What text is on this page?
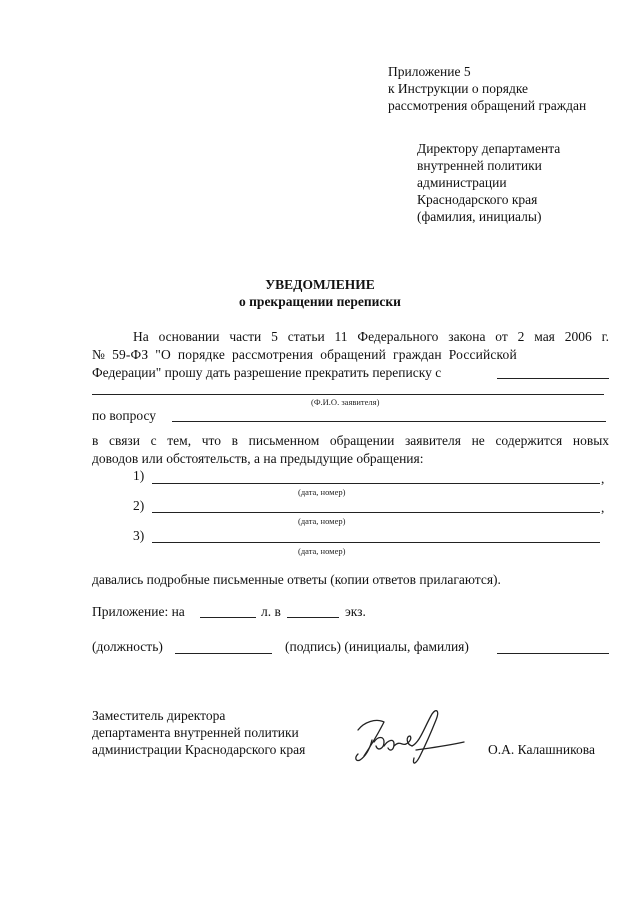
Приложение 5
к Инструкции о порядке
рассмотрения обращений граждан
Директору департамента
внутренней политики
администрации
Краснодарского края
(фамилия, инициалы)
УВЕДОМЛЕНИЕ
о прекращении переписки
На основании части 5 статьи 11 Федерального закона от 2 мая 2006 г.
№  59-ФЗ  "О  порядке  рассмотрения  обращений  граждан  Российской
Федерации" прошу дать разрешение прекратить переписку с
(Ф.И.О. заявителя)
по вопросу
в связи с тем, что в письменном обращении заявителя не содержится новых
доводов или обстоятельств, а на предыдущие обращения:
1)	,
(дата, номер)
2)	,
(дата, номер)
3)
(дата, номер)
давались подробные письменные ответы (копии ответов прилагаются).
Приложение: на	л. в	экз.
(должность)	(подпись) (инициалы, фамилия)
Заместитель директора
департамента внутренней политики
администрации Краснодарского края	О.А. Калашникова
